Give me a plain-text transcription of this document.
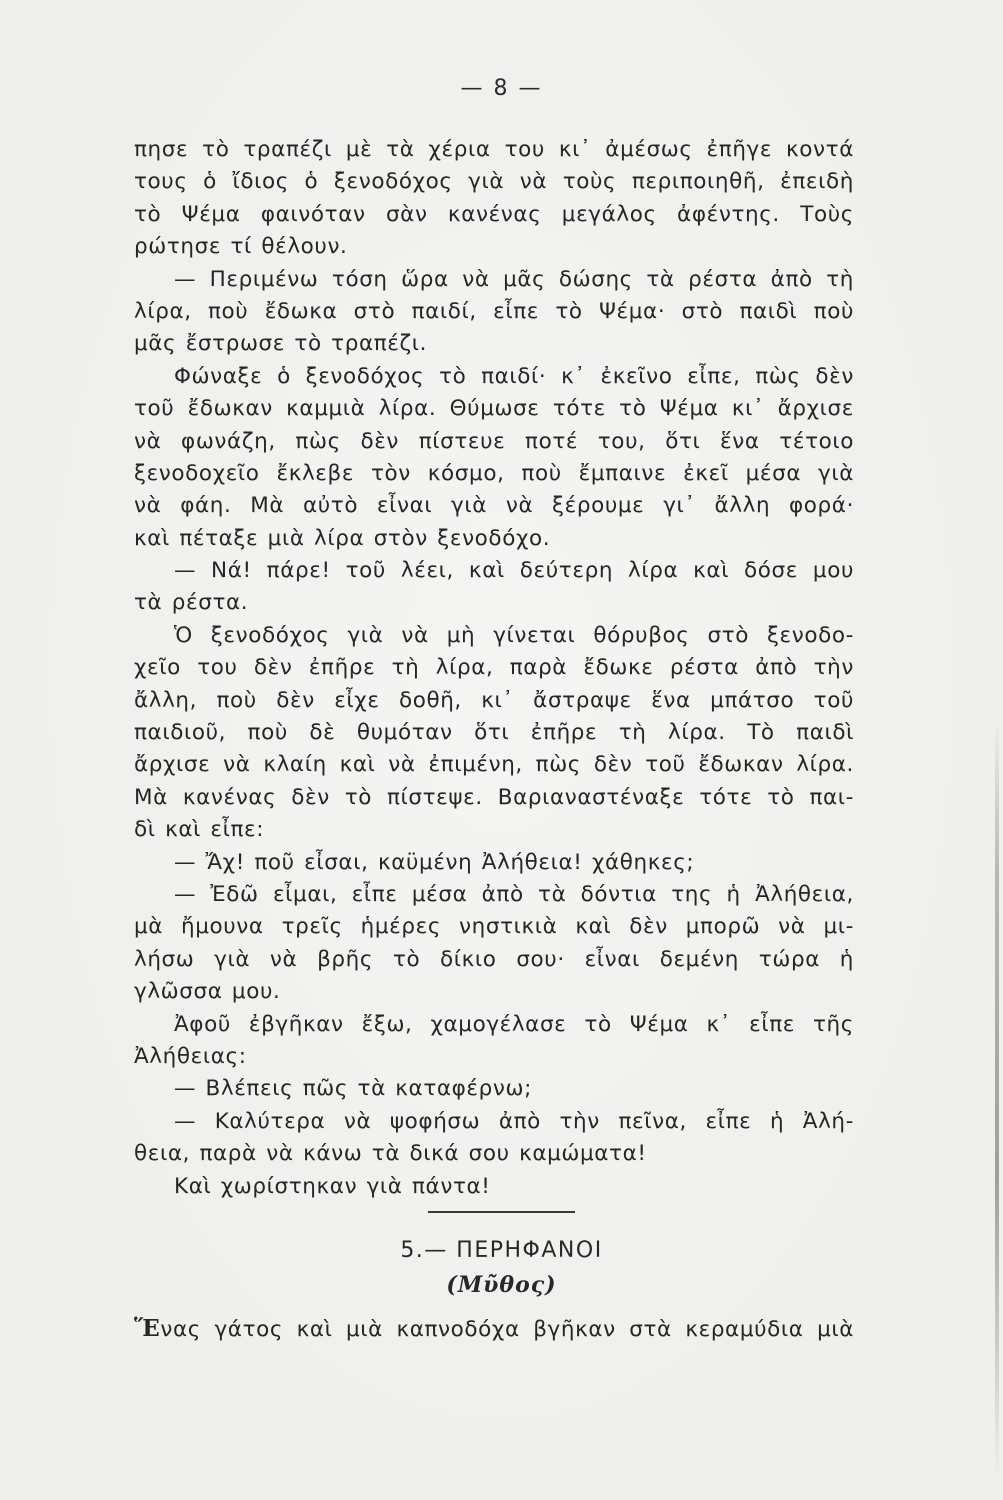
— 8 —
πησε τὸ τραπέζι μὲ τὰ χέρια του κι᾽ ἀμέσως ἐπῆγε κοντά
τους ὁ ἴδιος ὁ ξενοδόχος γιὰ νὰ τοὺς περιποιηθῆ, ἐπειδὴ
τὸ Ψέμα φαινόταν σὰν κανένας μεγάλος ἀφέντης. Τοὺς
ρώτησε τί θέλουν.
— Περιμένω τόση ὥρα νὰ μᾶς δώσης τὰ ρέστα ἀπὸ τὴ
λίρα, ποὺ ἔδωκα στὸ παιδί, εἶπε τὸ Ψέμα· στὸ παιδὶ ποὺ
μᾶς ἔστρωσε τὸ τραπέζι.
Φώναξε ὁ ξενοδόχος τὸ παιδί· κ᾽ ἐκεῖνο εἶπε, πὼς δὲν
τοῦ ἔδωκαν καμμιὰ λίρα. Θύμωσε τότε τὸ Ψέμα κι᾽ ἄρχισε
νὰ φωνάζη, πὼς δὲν πίστευε ποτέ του, ὅτι ἕνα τέτοιο
ξενοδοχεῖο ἔκλεβε τὸν κόσμο, ποὺ ἔμπαινε ἐκεῖ μέσα γιὰ
νὰ φάη. Μὰ αὐτὸ εἶναι γιὰ νὰ ξέρουμε γι᾽ ἄλλη φορά·
καὶ πέταξε μιὰ λίρα στὸν ξενοδόχο.
— Νά! πάρε! τοῦ λέει, καὶ δεύτερη λίρα καὶ δόσε μου
τὰ ρέστα.
Ὁ ξενοδόχος γιὰ νὰ μὴ γίνεται θόρυβος στὸ ξενοδο-
χεῖο του δὲν ἐπῆρε τὴ λίρα, παρὰ ἔδωκε ρέστα ἀπὸ τὴν
ἄλλη, ποὺ δὲν εἶχε δοθῆ, κι᾽ ἄστραψε ἕνα μπάτσο τοῦ
παιδιοῦ, ποὺ δὲ θυμόταν ὅτι ἐπῆρε τὴ λίρα. Τὸ παιδὶ
ἄρχισε νὰ κλαίη καὶ νὰ ἐπιμένη, πὼς δὲν τοῦ ἔδωκαν λίρα.
Μὰ κανένας δὲν τὸ πίστεψε. Βαριαναστέναξε τότε τὸ παι-
δὶ καὶ εἶπε:
— Ἄχ! ποῦ εἶσαι, καϋμένη Ἀλήθεια! χάθηκες;
— Ἐδῶ εἶμαι, εἶπε μέσα ἀπὸ τὰ δόντια της ἡ Ἀλήθεια,
μὰ ἤμουνα τρεῖς ἡμέρες νηστικιὰ καὶ δὲν μπορῶ νὰ μι-
λήσω γιὰ νὰ βρῆς τὸ δίκιο σου· εἶναι δεμένη τώρα ἡ
γλῶσσα μου.
Ἀφοῦ ἐβγῆκαν ἔξω, χαμογέλασε τὸ Ψέμα κ᾽ εἶπε τῆς
Ἀλήθειας:
— Βλέπεις πῶς τὰ καταφέρνω;
— Καλύτερα νὰ ψοφήσω ἀπὸ τὴν πεῖνα, εἶπε ἡ Ἀλή-
θεια, παρὰ νὰ κάνω τὰ δικά σου καμώματα!
Καὶ χωρίστηκαν γιὰ πάντα!
5.— ΠΕΡΗΦΑΝΟΙ
(Μῦθος)
Ἕνας γάτος καὶ μιὰ καπνοδόχα βγῆκαν στὰ κεραμύδια μιὰ
